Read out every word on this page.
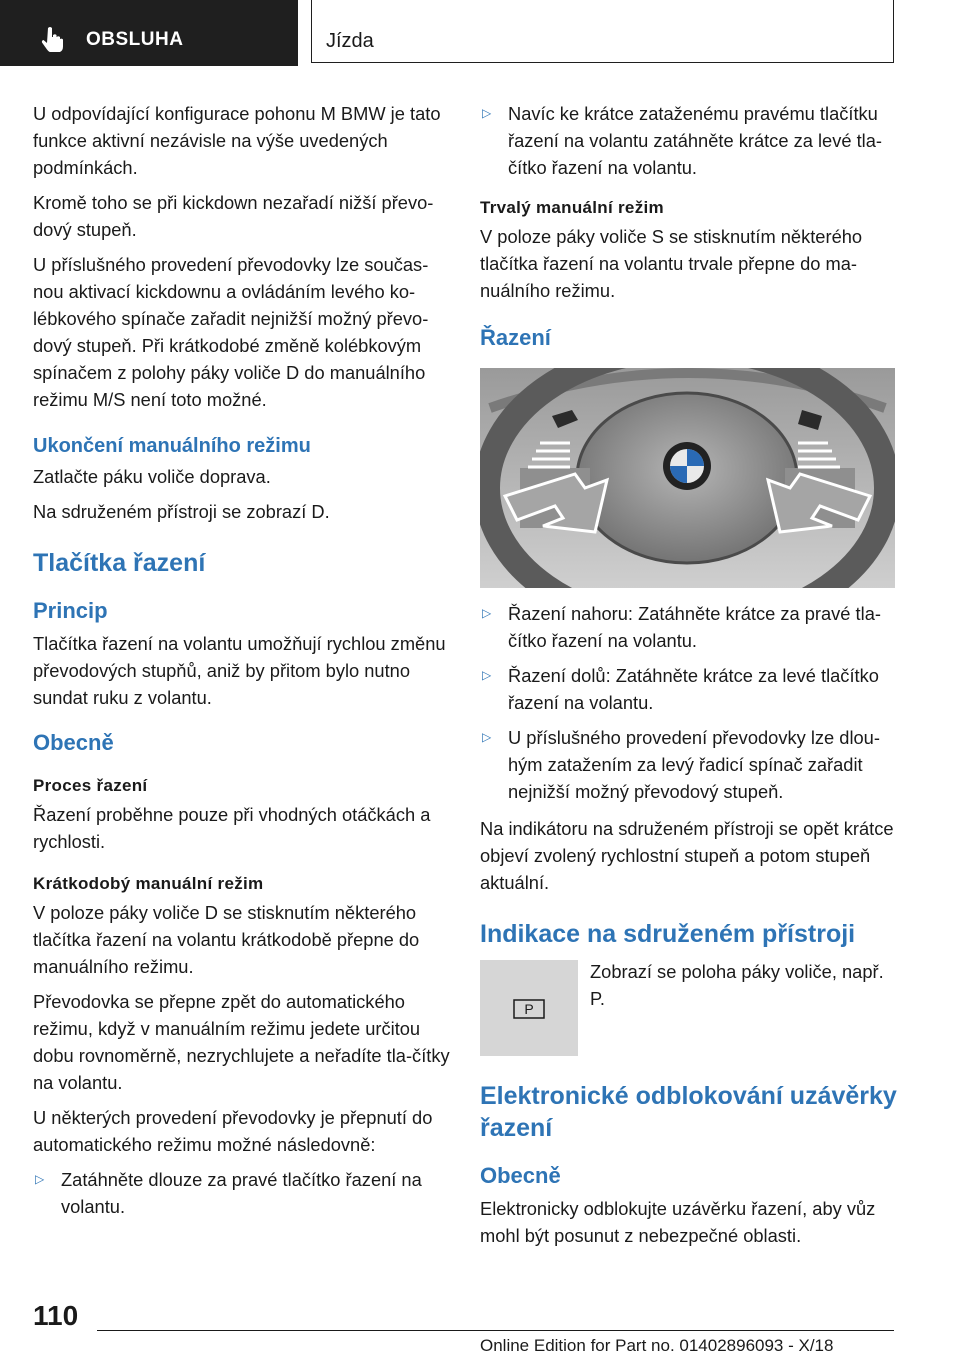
OBSLUHA	Jízda

U odpovídající konfigurace pohonu M BMW je tato funkce aktivní nezávisle na výše uvedených podmínkách.

Kromě toho se při kickdown nezařadí nižší převo‐dový stupeň.

U příslušného provedení převodovky lze součas‐nou aktivací kickdownu a ovládáním levého ko‐lébkového spínače zařadit nejnižší možný převo‐dový stupeň. Při krátkodobé změně kolébkovým spínačem z polohy páky voliče D do manuálního režimu M/S není toto možné.

Ukončení manuálního režimu

Zatlačte páku voliče doprava.

Na sdruženém přístroji se zobrazí D.

Tlačítka řazení
Princip

Tlačítka řazení na volantu umožňují rychlou změnu převodových stupňů, aniž by přitom bylo nutno sundat ruku z volantu.

Obecně
Proces řazení

Řazení proběhne pouze při vhodných otáčkách a rychlosti.

Krátkodobý manuální režim

V poloze páky voliče D se stisknutím některého tlačítka řazení na volantu krátkodobě přepne do manuálního režimu.

Převodovka se přepne zpět do automatického režimu, když v manuálním režimu jedete určitou dobu rovnoměrně, nezrychlujete a neřadíte tla‐čítky na volantu.

U některých provedení převodovky je přepnutí do automatického režimu možné následovně:

▷ Zatáhněte dlouze za pravé tlačítko řazení na volantu.
▷ Navíc ke krátce zataženému pravému tlačítku řazení na volantu zatáhněte krátce za levé tla‐čítko řazení na volantu.
Trvalý manuální režim

V poloze páky voliče S se stisknutím některého tlačítka řazení na volantu trvale přepne do ma‐nuálního režimu.

Řazení
▷ Řazení nahoru: Zatáhněte krátce za pravé tla‐čítko řazení na volantu.
▷ Řazení dolů: Zatáhněte krátce za levé tlačítko řazení na volantu.
▷ U příslušného provedení převodovky lze dlou‐hým zatažením za levý řadicí spínač zařadit nejnižší možný převodový stupeň.

Na indikátoru na sdruženém přístroji se opět krátce objeví zvolený rychlostní stupeň a potom stupeň aktuální.

Indikace na sdruženém přístroji
P
Zobrazí se poloha páky voliče, např. P.
Elektronické odblokování uzávěrky řazení
Obecně

Elektronicky odblokujte uzávěrku řazení, aby vůz mohl být posunut z nebezpečné oblasti.

110
Online Edition for Part no. 01402896093 - X/18
